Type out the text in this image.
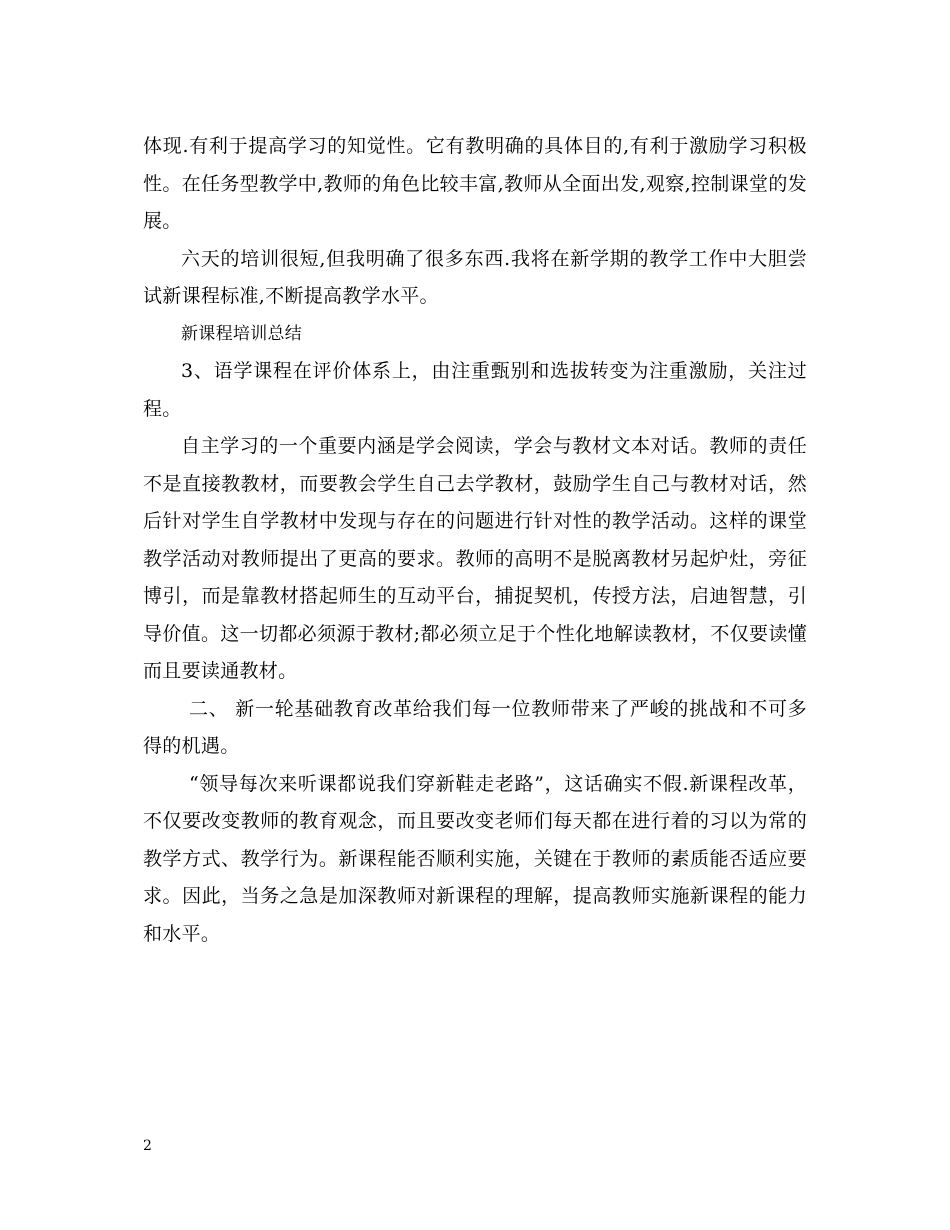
体现.有利于提高学习的知觉性。它有教明确的具体目的,有利于激励学习积极性。在任务型教学中,教师的角色比较丰富,教师从全面出发,观察,控制课堂的发展。

六天的培训很短,但我明确了很多东西.我将在新学期的教学工作中大胆尝试新课程标准,不断提高教学水平。

新课程培训总结

3、语学课程在评价体系上，由注重甄别和选拔转变为注重激励，关注过程。

自主学习的一个重要内涵是学会阅读，学会与教材文本对话。教师的责任不是直接教教材，而要教会学生自己去学教材，鼓励学生自己与教材对话，然后针对学生自学教材中发现与存在的问题进行针对性的教学活动。这样的课堂教学活动对教师提出了更高的要求。教师的高明不是脱离教材另起炉灶，旁征博引，而是靠教材搭起师生的互动平台，捕捉契机，传授方法，启迪智慧，引导价值。这一切都必须源于教材;都必须立足于个性化地解读教材，不仅要读懂而且要读通教材。

二、 新一轮基础教育改革给我们每一位教师带来了严峻的挑战和不可多得的机遇。

“领导每次来听课都说我们穿新鞋走老路”，这话确实不假.新课程改革，不仅要改变教师的教育观念，而且要改变老师们每天都在进行着的习以为常的教学方式、教学行为。新课程能否顺利实施，关键在于教师的素质能否适应要求。因此，当务之急是加深教师对新课程的理解，提高教师实施新课程的能力和水平。

2
